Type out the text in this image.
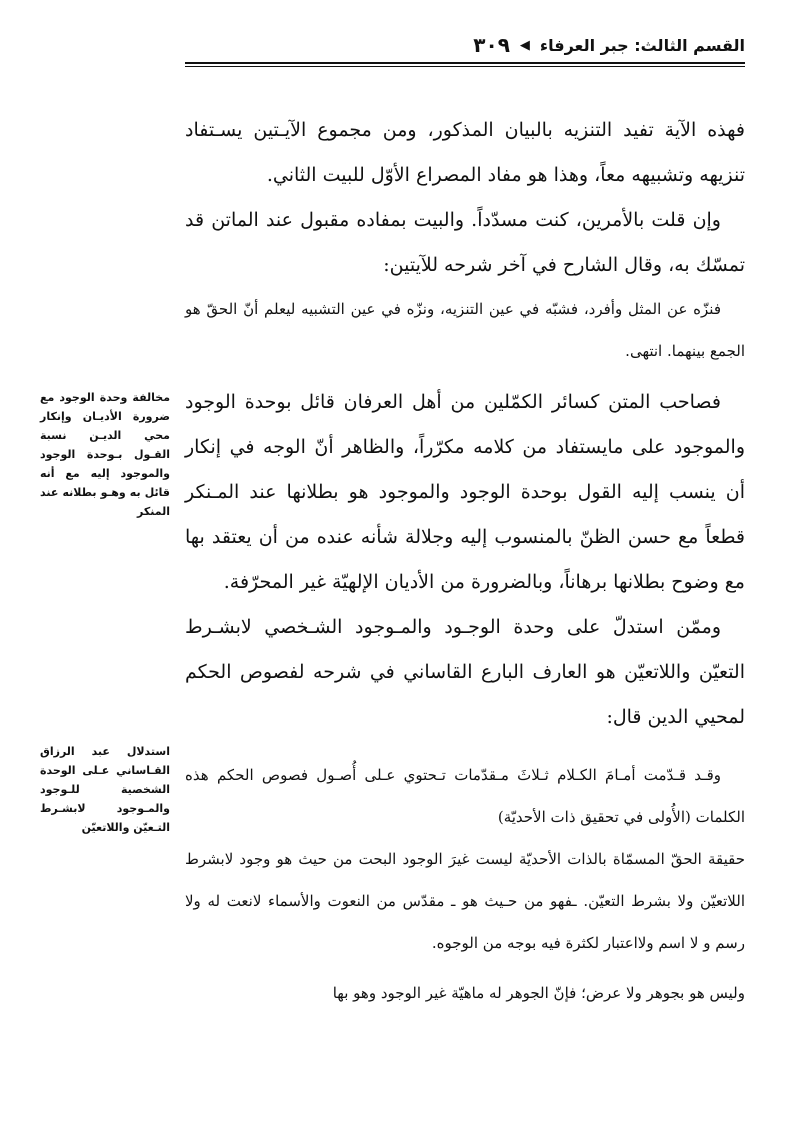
القسم الثالث: جبر العرفاء
◀
٣٠٩

فهذه الآية تفيد التنزيه بالبيان المذكور، ومن مجموع الآيـتين يسـتفاد تنزيهه وتشبيهه معاً، وهذا هو مفاد المصراع الأوّل للبيت الثاني.

وإن قلت بالأمرين، كنت مسدّداً. والبيت بمفاده مقبول عند الماتن قد تمسّك به، وقال الشارح في آخر شرحه للآيتين:

فنزّه عن المثل وأفرد، فشبّه في عين التنزيه، ونزّه في عين التشبيه ليعلم أنّ الحقّ هو الجمع بينهما. انتهى.

فصاحب المتن كسائر الكمّلين من أهل العرفان قائل بوحدة الوجود والموجود على مايستفاد من كلامه مكرّراً، والظاهر أنّ الوجه في إنكار أن ينسب إليه القول بوحدة الوجود والموجود هو بطلانها عند المـنكر قطعاً مع حسن الظنّ بالمنسوب إليه وجلالة شأنه عنده من أن يعتقد بها مع وضوح بطلانها برهاناً، وبالضرورة من الأديان الإلهيّة غير المحرّفة.

وممّن استدلّ على وحدة الوجـود والمـوجود الشـخصي لابشـرط التعيّن واللاتعيّن هو العارف البارع القاساني في شرحه لفصوص الحكم لمحيي الدين قال:

وقـد قـدّمت أمـامَ الكـلام ثـلاثَ مـقدّمات تـحتوي عـلى أُصـول فصوص الحكم هذه الكلمات (الأُولى في تحقيق ذات الأحديّة)

حقيقة الحقّ المسمّاة بالذات الأحديّة ليست غيرَ الوجود البحت من حيث هو وجود لابشرط اللاتعيّن ولا بشرط التعيّن. ـفهو من حـيث هو ـ مقدّس من النعوت والأسماء لانعت له ولا رسم و لا اسم ولااعتبار لكثرة فيه بوجه من الوجوه.

وليس هو بجوهر ولا عرض؛ فإنّ الجوهر له ماهيّة غير الوجود وهو بها

مخالفة وحدة الوجود مع ضرورة الأديـان وإنكار محي الديـن نسبة القـول بـوحدة الوجود والموجود إليه مع أنه قائل به وهـو بطلانه عند المنكر
استدلال عبد الرزاق القـاساني عـلى الوحدة الشخصية للـوجود والمـوجود لابشـرط التـعيّن واللاتعيّن
